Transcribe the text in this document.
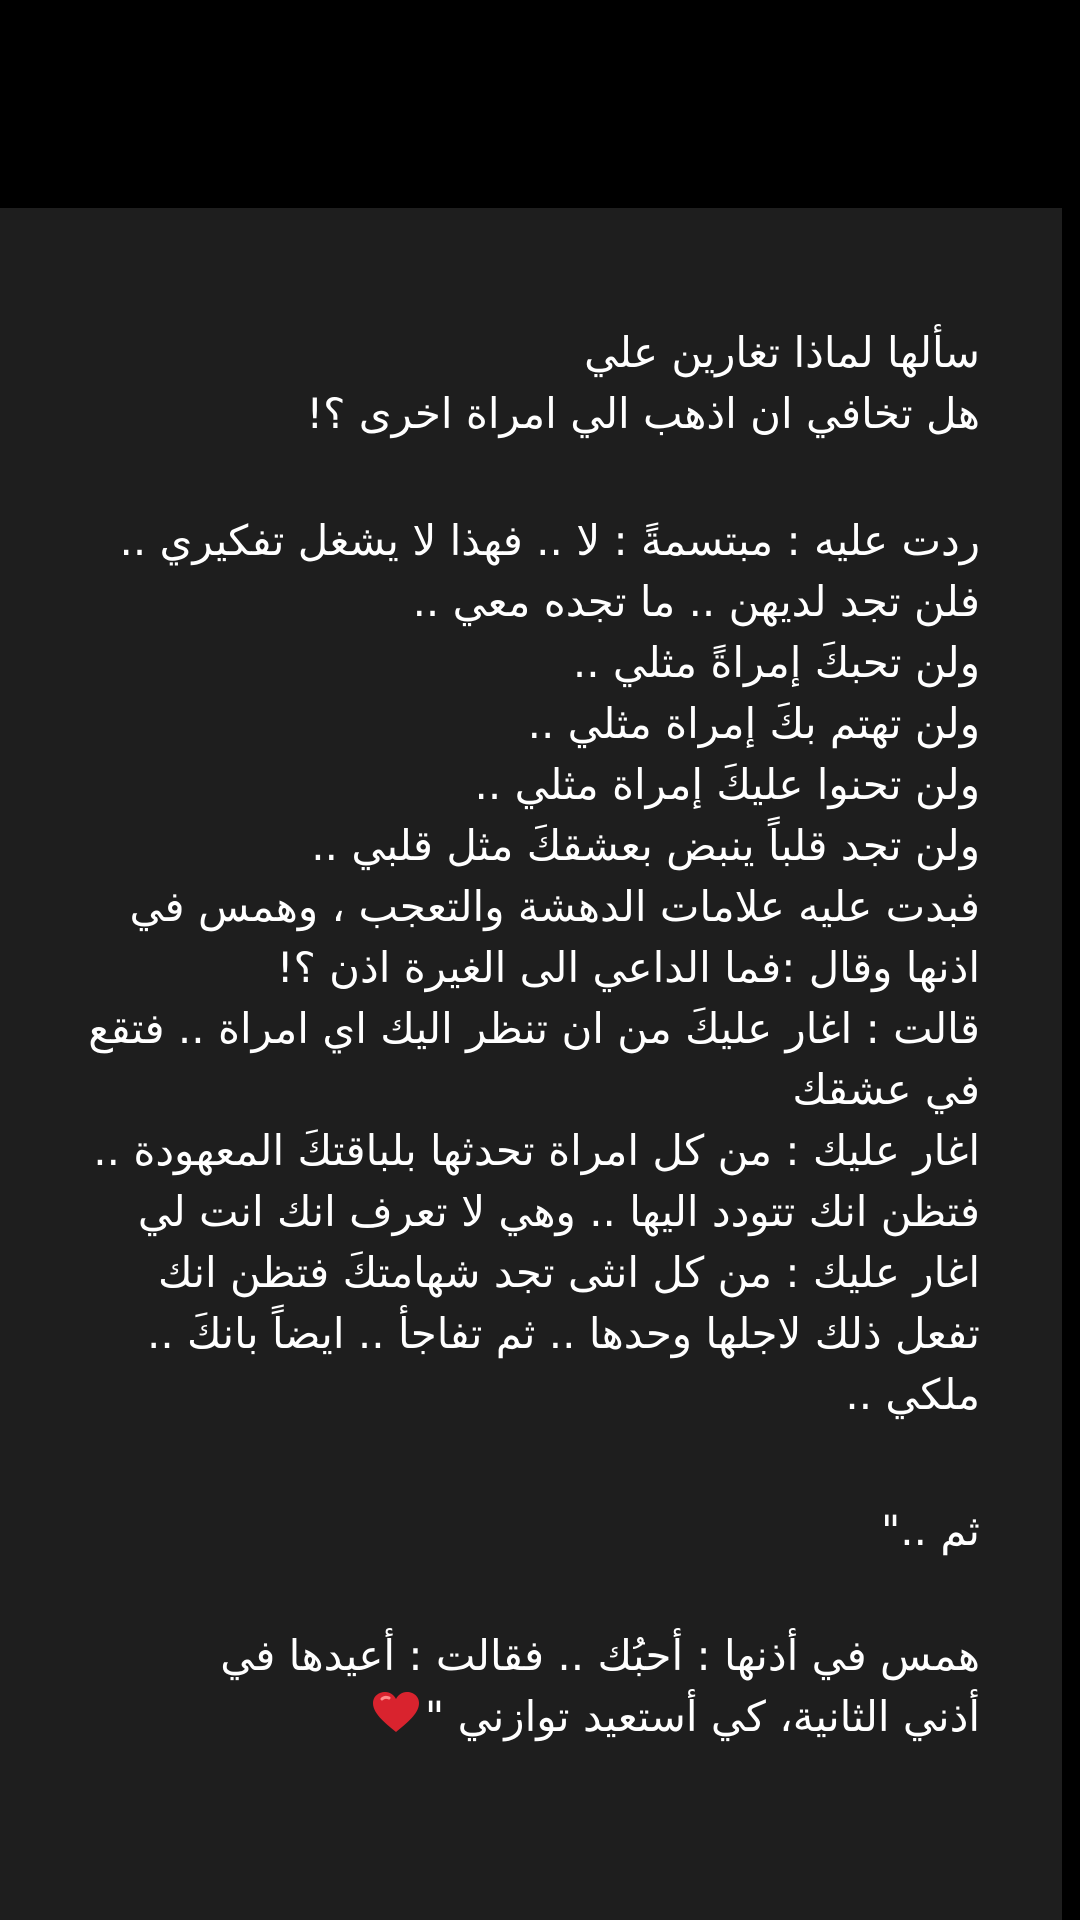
سألها لماذا تغارين علي
هل تخافي ان اذهب الي امراة اخرى ؟!
ردت عليه : مبتسمةً : لا .. فهذا لا يشغل تفكيري ..
فلن تجد لديهن .. ما تجده معي ..
ولن تحبكَ إمراةً مثلي ..
ولن تهتم بكَ إمراة مثلي ..
ولن تحنوا عليكَ إمراة مثلي ..
ولن تجد قلباً ينبض بعشقكَ مثل قلبي ..
فبدت عليه علامات الدهشة والتعجب ، وهمس في
اذنها وقال :فما الداعي الى الغيرة اذن ؟!
قالت : اغار عليكَ من ان تنظر اليك اي امراة .. فتقع
في عشقك
اغار عليك : من كل امراة تحدثها بلباقتكَ المعهودة ..
فتظن انك تتودد اليها .. وهي لا تعرف انك انت لي
اغار عليك : من كل انثى تجد شهامتكَ فتظن انك
تفعل ذلك لاجلها وحدها .. ثم تفاجأ .. ايضاً بانكَ ..
ملكي ..
ثم .."
همس في أذنها : أحبُك .. فقالت : أعيدها في
أذني الثانية، كي أستعيد توازني "
